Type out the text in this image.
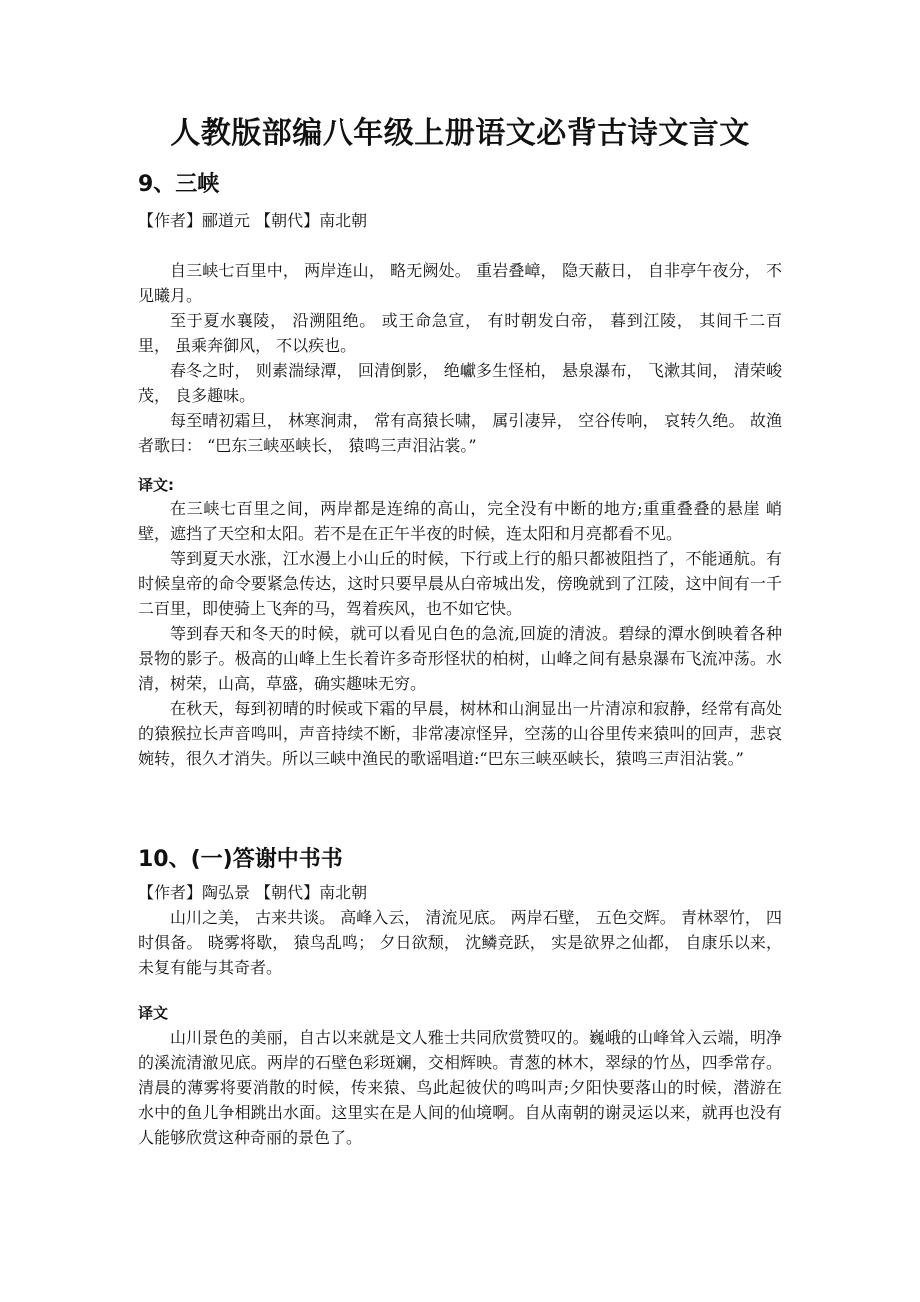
人教版部编八年级上册语文必背古诗文言文
9、三峡
【作者】郦道元 【朝代】南北朝

自三峡七百里中， 两岸连山， 略无阙处。 重岩叠嶂， 隐天蔽日， 自非亭午夜分， 不见曦月。

至于夏水襄陵， 沿溯阻绝。 或王命急宣， 有时朝发白帝， 暮到江陵， 其间千二百里， 虽乘奔御风， 不以疾也。

春冬之时， 则素湍绿潭， 回清倒影， 绝巘多生怪柏， 悬泉瀑布， 飞漱其间， 清荣峻茂， 良多趣味。

每至晴初霜旦， 林寒涧肃， 常有高猿长啸， 属引凄异， 空谷传响， 哀转久绝。 故渔者歌曰： “巴东三峡巫峡长， 猿鸣三声泪沾裳。”

译文:

在三峡七百里之间，两岸都是连绵的高山，完全没有中断的地方;重重叠叠的悬崖 峭壁，遮挡了天空和太阳。若不是在正午半夜的时候，连太阳和月亮都看不见。

等到夏天水涨，江水漫上小山丘的时候，下行或上行的船只都被阻挡了，不能通航。有时候皇帝的命令要紧急传达，这时只要早晨从白帝城出发，傍晚就到了江陵，这中间有一千二百里，即使骑上飞奔的马，驾着疾风，也不如它快。

等到春天和冬天的时候，就可以看见白色的急流,回旋的清波。碧绿的潭水倒映着各种景物的影子。极高的山峰上生长着许多奇形怪状的柏树，山峰之间有悬泉瀑布飞流冲荡。水清，树荣，山高，草盛，确实趣味无穷。

在秋天，每到初晴的时候或下霜的早晨，树林和山涧显出一片清凉和寂静，经常有高处的猿猴拉长声音鸣叫，声音持续不断，非常凄凉怪异，空荡的山谷里传来猿叫的回声，悲哀婉转，很久才消失。所以三峡中渔民的歌谣唱道:“巴东三峡巫峡长，猿鸣三声泪沾裳。”

10、(一)答谢中书书
【作者】陶弘景 【朝代】南北朝

山川之美， 古来共谈。 高峰入云， 清流见底。 两岸石壁， 五色交辉。 青林翠竹， 四时俱备。 晓雾将歇， 猿鸟乱鸣； 夕日欲颓， 沈鳞竞跃， 实是欲界之仙都， 自康乐以来， 未复有能与其奇者。

译文

山川景色的美丽，自古以来就是文人雅士共同欣赏赞叹的。巍峨的山峰耸入云端，明净的溪流清澈见底。两岸的石壁色彩斑斓，交相辉映。青葱的林木，翠绿的竹丛，四季常存。清晨的薄雾将要消散的时候，传来猿、鸟此起彼伏的鸣叫声;夕阳快要落山的时候，潜游在水中的鱼儿争相跳出水面。这里实在是人间的仙境啊。自从南朝的谢灵运以来，就再也没有人能够欣赏这种奇丽的景色了。
